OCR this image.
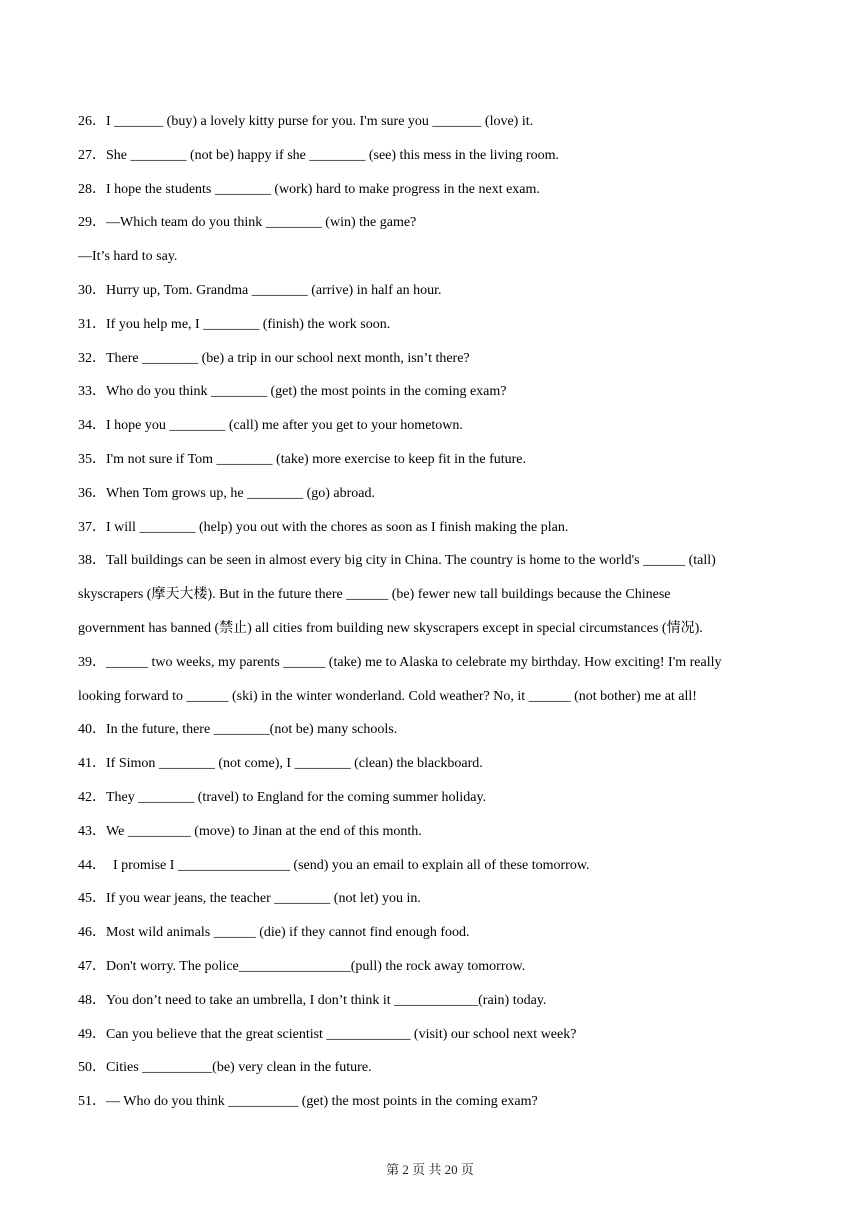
26．I _______ (buy) a lovely kitty purse for you. I'm sure you _______ (love) it.
27．She ________ (not be) happy if she ________ (see) this mess in the living room.
28．I hope the students ________ (work) hard to make progress in the next exam.
29．—Which team do you think ________ (win) the game?
—It’s hard to say.
30．Hurry up, Tom. Grandma ________ (arrive) in half an hour.
31．If you help me, I ________ (finish) the work soon.
32．There ________ (be) a trip in our school next month, isn’t there?
33．Who do you think ________ (get) the most points in the coming exam?
34．I hope you ________ (call) me after you get to your hometown.
35．I'm not sure if Tom ________ (take) more exercise to keep fit in the future.
36．When Tom grows up, he ________ (go) abroad.
37．I will ________ (help) you out with the chores as soon as I finish making the plan.
38．Tall buildings can be seen in almost every big city in China. The country is home to the world's ______ (tall)
skyscrapers (摩天大楼). But in the future there ______ (be) fewer new tall buildings because the Chinese
government has banned (禁止) all cities from building new skyscrapers except in special circumstances (情况).
39．______ two weeks, my parents ______ (take) me to Alaska to celebrate my birthday. How exciting! I'm really
looking forward to ______ (ski) in the winter wonderland. Cold weather? No, it ______ (not bother) me at all!
40．In the future, there ________(not be) many schools.
41．If Simon ________ (not come), I ________ (clean) the blackboard.
42．They ________ (travel) to England for the coming summer holiday.
43．We _________ (move) to Jinan at the end of this month.
44．  I promise I ________________ (send) you an email to explain all of these tomorrow.
45．If you wear jeans, the teacher ________ (not let) you in.
46．Most wild animals ______ (die) if they cannot find enough food.
47．Don't worry. The police________________(pull) the rock away tomorrow.
48．You don’t need to take an umbrella, I don’t think it ____________(rain) today.
49．Can you believe that the great scientist ____________ (visit) our school next week?
50．Cities __________(be) very clean in the future.
51．— Who do you think __________ (get) the most points in the coming exam?
第 2 页 共 20 页
